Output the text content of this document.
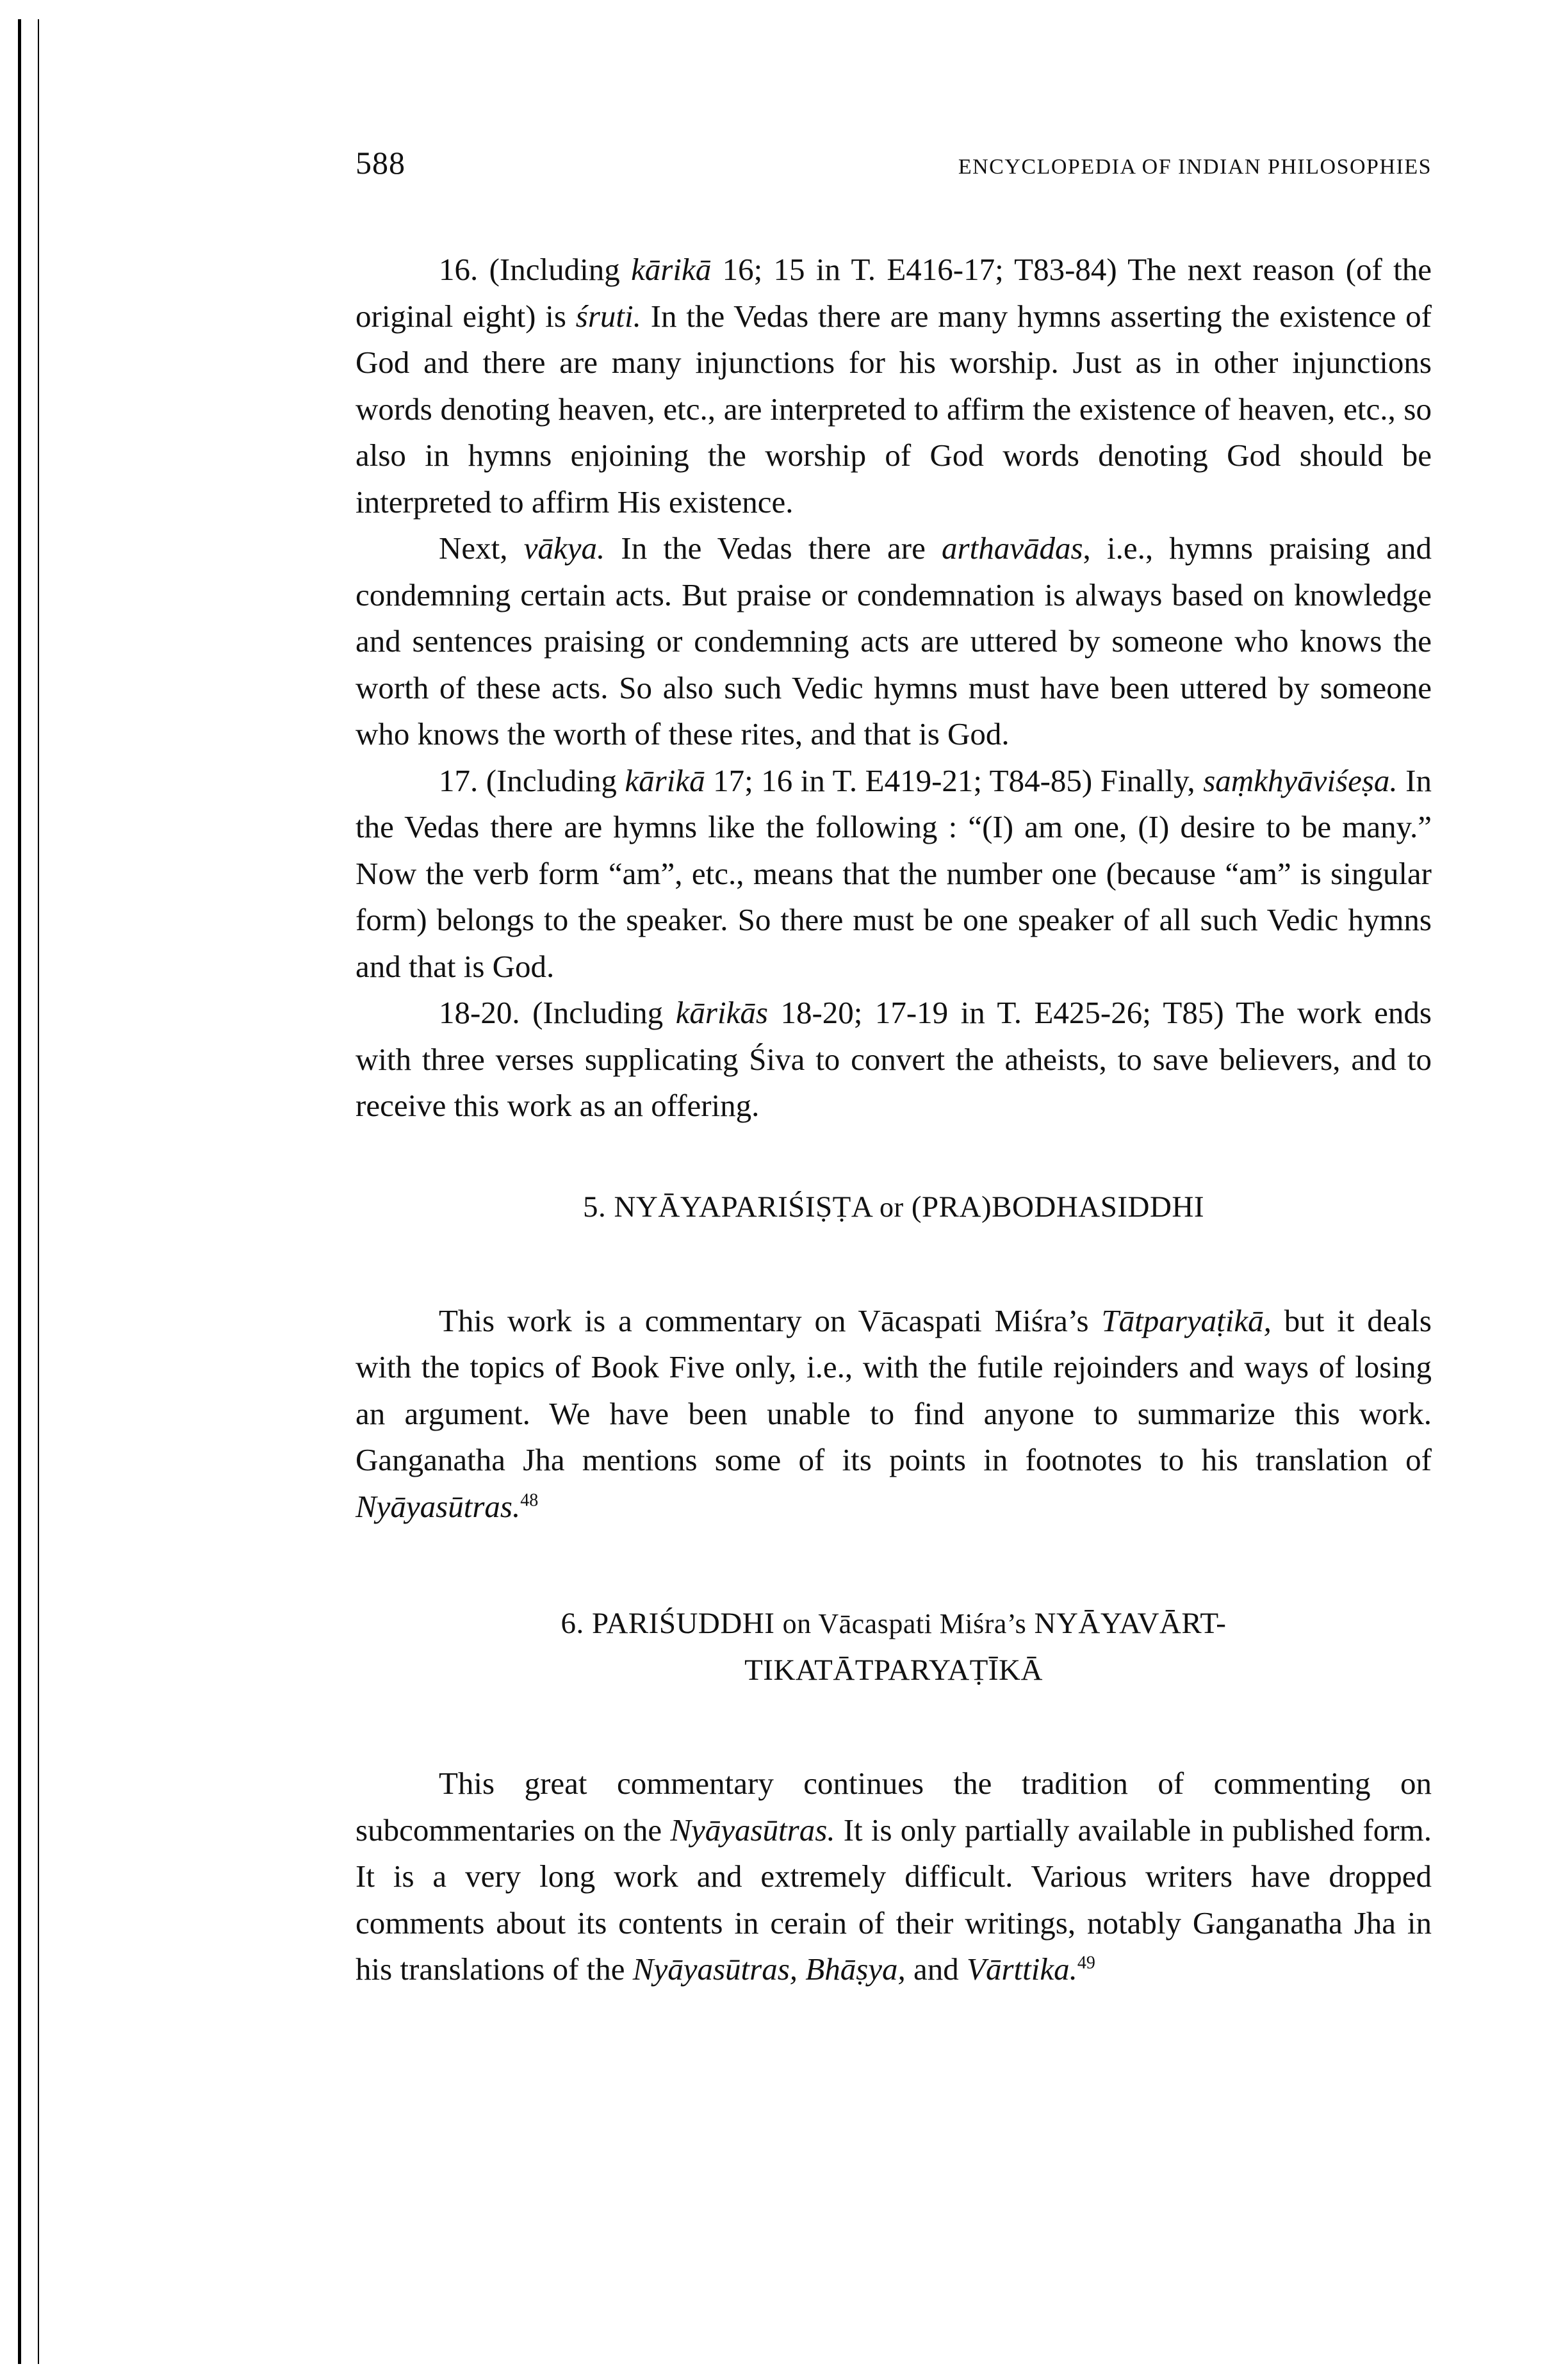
588	ENCYCLOPEDIA OF INDIAN PHILOSOPHIES

16. (Including kārikā 16; 15 in T. E416-17; T83-84) The next reason (of the original eight) is śruti. In the Vedas there are many hymns asserting the existence of God and there are many injunctions for his worship. Just as in other injunctions words denoting heaven, etc., are interpreted to affirm the existence of heaven, etc., so also in hymns enjoining the worship of God words denoting God should be interpreted to affirm His existence.

Next, vākya. In the Vedas there are arthavādas, i.e., hymns praising and condemning certain acts. But praise or condemnation is always based on knowledge and sentences praising or condemning acts are uttered by someone who knows the worth of these acts. So also such Vedic hymns must have been uttered by someone who knows the worth of these rites, and that is God.

17. (Including kārikā 17; 16 in T. E419-21; T84-85) Finally, saṃkhyāviśeṣa. In the Vedas there are hymns like the following : “(I) am one, (I) desire to be many.” Now the verb form “am”, etc., means that the number one (because “am” is singular form) belongs to the speaker. So there must be one speaker of all such Vedic hymns and that is God.

18-20. (Including kārikās 18-20; 17-19 in T. E425-26; T85) The work ends with three verses supplicating Śiva to convert the atheists, to save believers, and to receive this work as an offering.

5. NYĀYAPARIŚIṢṬA or (PRA)BODHASIDDHI

This work is a commentary on Vācaspati Miśra’s Tātparyaṭikā, but it deals with the topics of Book Five only, i.e., with the futile rejoinders and ways of losing an argument. We have been unable to find anyone to summarize this work. Ganganatha Jha mentions some of its points in footnotes to his translation of Nyāyasūtras.$^{48}$

6. PARIŚUDDHI on Vācaspati Miśra’s NYĀYAVĀRT-
TIKATĀTPARYAṬĪKĀ

This great commentary continues the tradition of commenting on subcommentaries on the Nyāyasūtras. It is only partially available in published form. It is a very long work and extremely difficult. Various writers have dropped comments about its contents in cerain of their writings, notably Ganganatha Jha in his translations of the Nyāyasūtras, Bhāṣya, and Vārttika.$^{49}$
